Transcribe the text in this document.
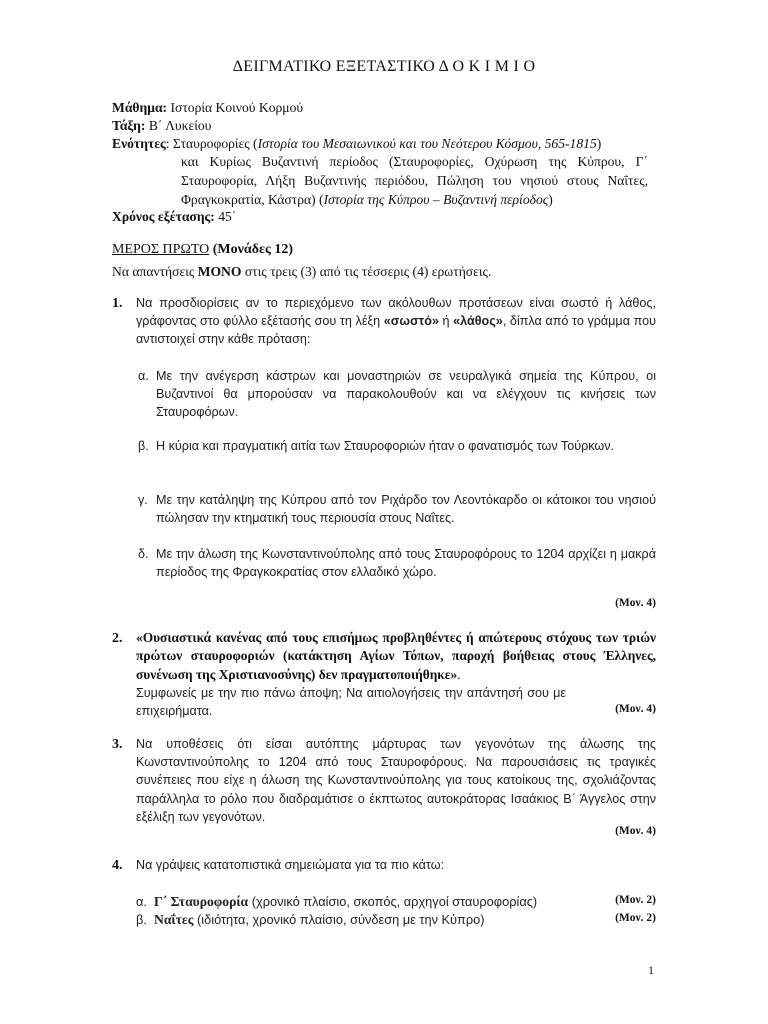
ΔΕΙΓΜΑΤΙΚΟ ΕΞΕΤΑΣΤΙΚΟ Δ Ο Κ Ι Μ Ι Ο
Μάθημα: Ιστορία Κοινού Κορμού
Τάξη: Β΄ Λυκείου
Ενότητες: Σταυροφορίες (Ιστορία του Μεσαιωνικού και του Νεότερου Κόσμου, 565-1815)
και Κυρίως Βυζαντινή περίοδος (Σταυροφορίες, Οχύρωση της Κύπρου, Γ΄ Σταυροφορία, Λήξη Βυζαντινής περιόδου, Πώληση του νησιού στους Ναΐτες, Φραγκοκρατία, Κάστρα) (Ιστορία της Κύπρου – Βυζαντινή περίοδος)
Χρόνος εξέτασης: 45΄
ΜΕΡΟΣ ΠΡΩΤΟ (Μονάδες 12)
Να απαντήσεις ΜΟΝΟ στις τρεις (3) από τις τέσσερις (4) ερωτήσεις.
1. Να προσδιορίσεις αν το περιεχόμενο των ακόλουθων προτάσεων είναι σωστό ή λάθος, γράφοντας στο φύλλο εξέτασής σου τη λέξη «σωστό» ή «λάθος», δίπλα από το γράμμα που αντιστοιχεί στην κάθε πρόταση:
α. Με την ανέγερση κάστρων και μοναστηριών σε νευραλγικά σημεία της Κύπρου, οι Βυζαντινοί θα μπορούσαν να παρακολουθούν και να ελέγχουν τις κινήσεις των Σταυροφόρων.
β. Η κύρια και πραγματική αιτία των Σταυροφοριών ήταν ο φανατισμός των Τούρκων.
γ. Με την κατάληψη της Κύπρου από τον Ριχάρδο τον Λεοντόκαρδο οι κάτοικοι του νησιού πώλησαν την κτηματική τους περιουσία στους Ναΐτες.
δ. Με την άλωση της Κωνσταντινούπολης από τους Σταυροφόρους το 1204 αρχίζει η μακρά περίοδος της Φραγκοκρατίας στον ελλαδικό χώρο.
(Μον. 4)
2. «Ουσιαστικά κανένας από τους επισήμως προβληθέντες ή απώτερους στόχους των τριών πρώτων σταυροφοριών (κατάκτηση Αγίων Τόπων, παροχή βοήθειας στους Έλληνες, συνένωση της Χριστιανοσύνης) δεν πραγματοποιήθηκε».
Συμφωνείς με την πιο πάνω άποψη; Να αιτιολογήσεις την απάντησή σου με επιχειρήματα.	(Μον. 4)
3. Να υποθέσεις ότι είσαι αυτόπτης μάρτυρας των γεγονότων της άλωσης της Κωνσταντινούπολης το 1204 από τους Σταυροφόρους. Να παρουσιάσεις τις τραγικές συνέπειες που είχε η άλωση της Κωνσταντινούπολης για τους κατοίκους της, σχολιάζοντας παράλληλα το ρόλο που διαδραμάτισε ο έκπτωτος αυτοκράτορας Ισαάκιος Β΄ Άγγελος στην εξέλιξη των γεγονότων.
(Μον. 4)
4. Να γράψεις κατατοπιστικά σημειώματα για τα πιο κάτω:
α. Γ΄ Σταυροφορία (χρονικό πλαίσιο, σκοπός, αρχηγοί σταυροφορίας)	(Μον. 2)
β. Ναΐτες (ιδιότητα, χρονικό πλαίσιο, σύνδεση με την Κύπρο)	(Μον. 2)
1
